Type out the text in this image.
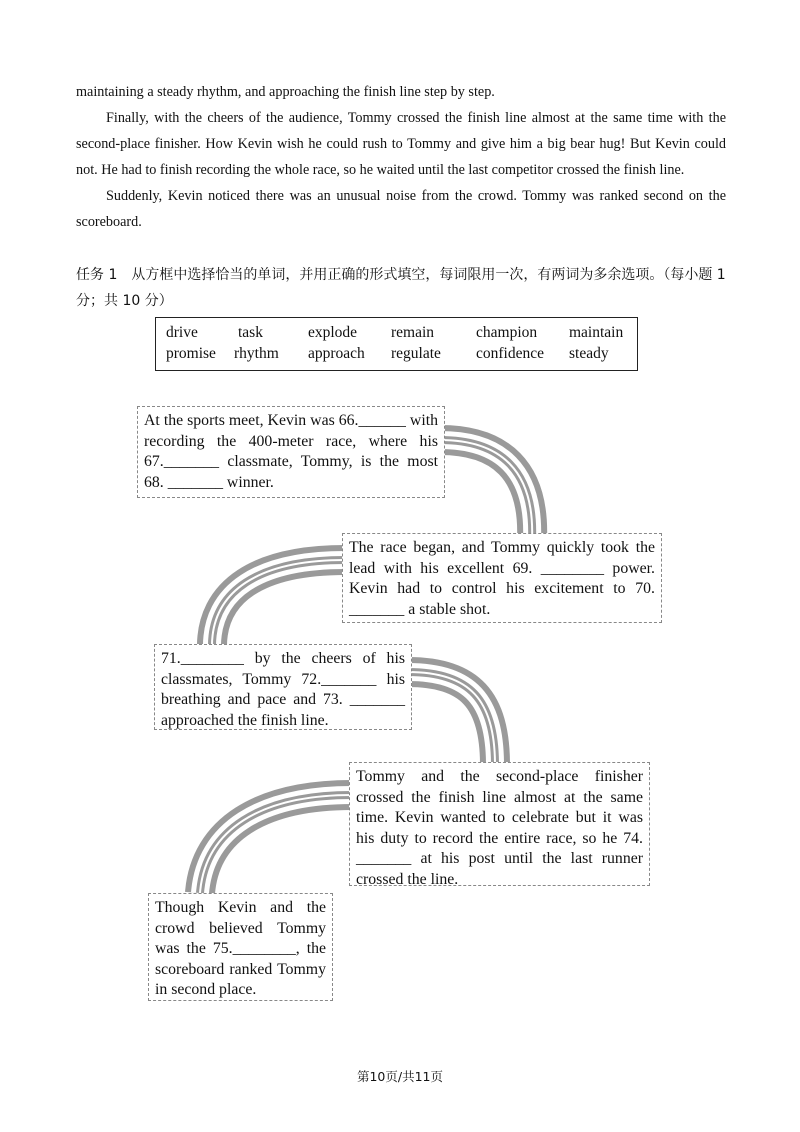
maintaining a steady rhythm, and approaching the finish line step by step.

Finally, with the cheers of the audience, Tommy crossed the finish line almost at the same time with the second-place finisher. How Kevin wish he could rush to Tommy and give him a big bear hug! But Kevin could not. He had to finish recording the whole race, so he waited until the last competitor crossed the finish line.

Suddenly, Kevin noticed there was an unusual noise from the crowd. Tommy was ranked second on the scoreboard.

任务 1　从方框中选择恰当的单词，并用正确的形式填空，每词限用一次，有两词为多余选项。（每小题 1 分；共 10 分）

drive	task	explode remain	champion maintain
promise rhythm approach regulate confidence steady

At the sports meet, Kevin was 66.______ with recording the 400-meter race, where his 67._______ classmate, Tommy, is the most 68. _______ winner.

The race began, and Tommy quickly took the lead with his excellent 69. ________ power. Kevin had to control his excitement to 70. _______ a stable shot.

71.________ by the cheers of his classmates, Tommy 72._______ his breathing and pace and 73. _______ approached the finish line.

Tommy and the second-place finisher crossed the finish line almost at the same time. Kevin wanted to celebrate but it was his duty to record the entire race, so he 74. _______ at his post until the last runner crossed the line.

Though Kevin and the crowd believed Tommy was the 75.________, the scoreboard ranked Tommy in second place.

第10页/共11页
